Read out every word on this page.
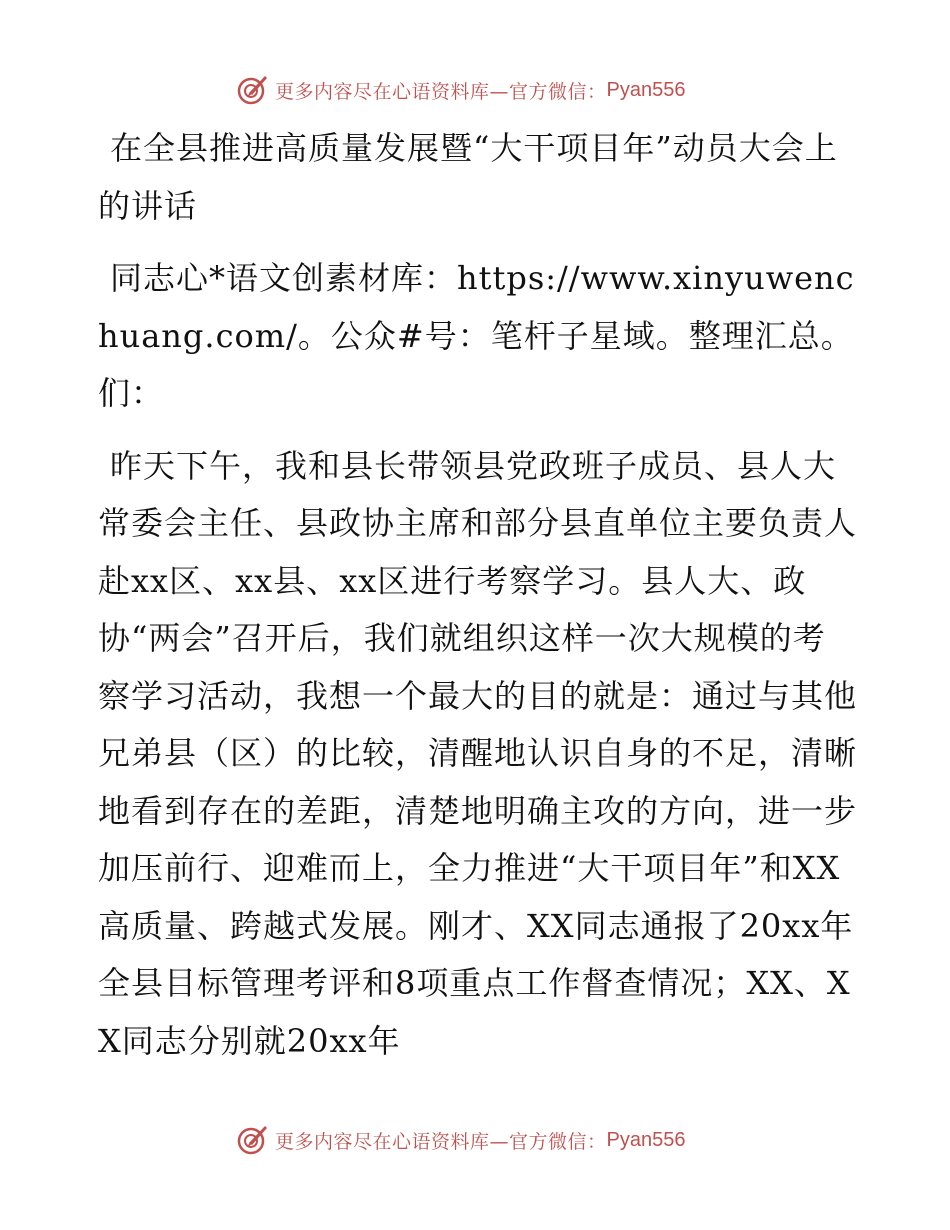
更多内容尽在心语资料库—官方微信： Pyan556

在全县推进高质量发展暨“大干项目年”动员大会上的讲话

同志心*语文创素材库：https://www.xinyuwenchuang.com/。公众#号：笔杆子星域。整理汇总。们：

昨天下午，我和县长带领县党政班子成员、县人大常委会主任、县政协主席和部分县直单位主要负责人赴xx区、xx县、xx区进行考察学习。县人大、政协“两会”召开后，我们就组织这样一次大规模的考察学习活动，我想一个最大的目的就是：通过与其他兄弟县（区）的比较，清醒地认识自身的不足，清晰地看到存在的差距，清楚地明确主攻的方向，进一步加压前行、迎难而上，全力推进“大干项目年”和XX高质量、跨越式发展。刚才、XX同志通报了20xx年全县目标管理考评和8项重点工作督查情况；XX、XX同志分别就20xx年

更多内容尽在心语资料库—官方微信： Pyan556
